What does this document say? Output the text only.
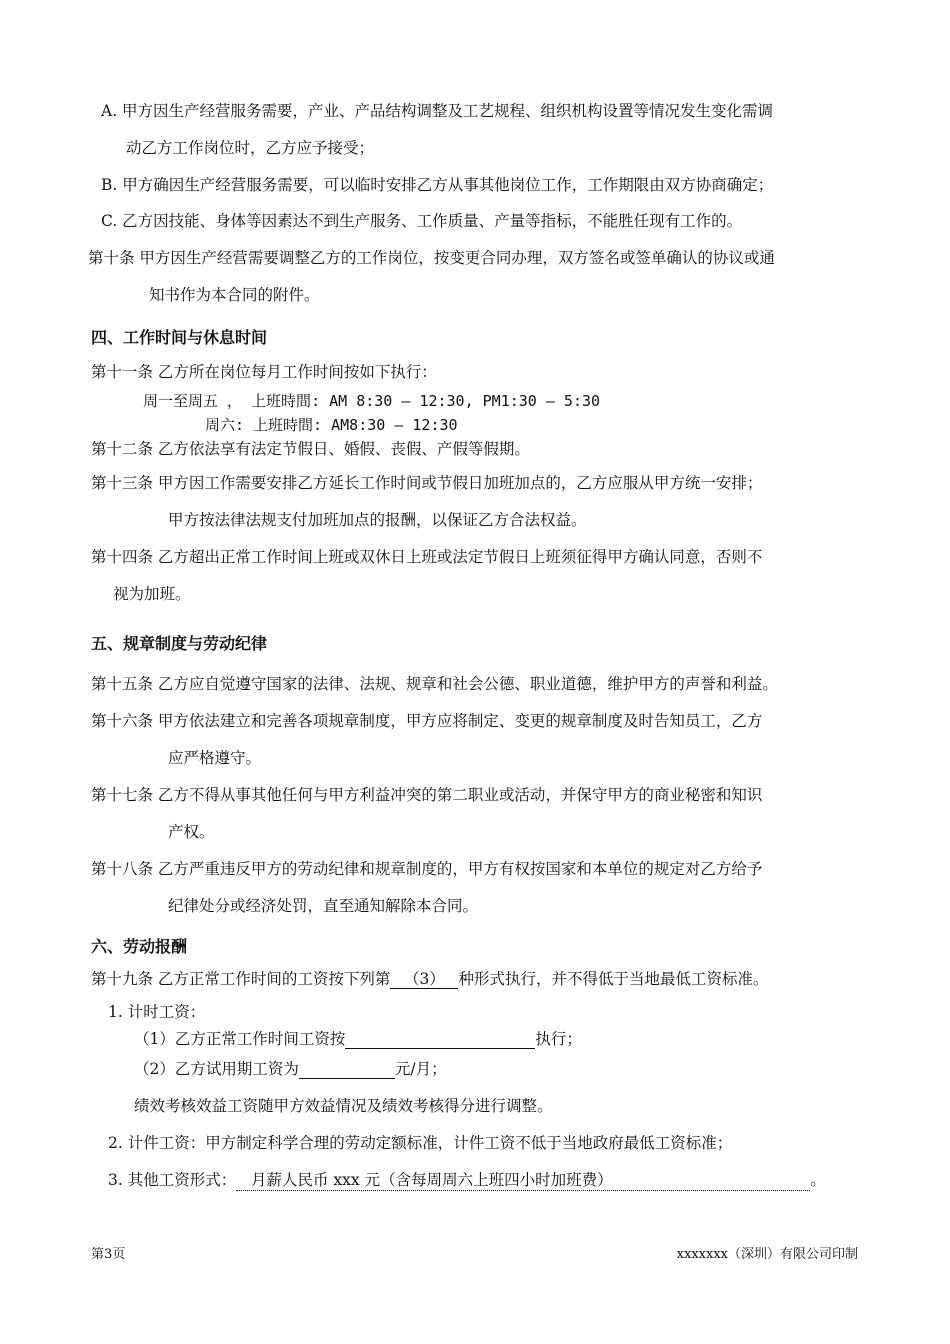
A. 甲方因生产经营服务需要，产业、产品结构调整及工艺规程、组织机构设置等情况发生变化需调
动乙方工作岗位时，乙方应予接受；
B. 甲方确因生产经营服务需要，可以临时安排乙方从事其他岗位工作，工作期限由双方协商确定；
C. 乙方因技能、身体等因素达不到生产服务、工作质量、产量等指标，不能胜任现有工作的。
第十条 甲方因生产经营需要调整乙方的工作岗位，按变更合同办理，双方签名或签单确认的协议或通
知书作为本合同的附件。
四、工作时间与休息时间
第十一条 乙方所在岗位每月工作时间按如下执行：
周一至周五 ， 上班時間: AM 8:30 – 12:30, PM1:30 – 5:30
周六: 上班時間: AM8:30 – 12:30
第十二条 乙方依法享有法定节假日、婚假、丧假、产假等假期。
第十三条 甲方因工作需要安排乙方延长工作时间或节假日加班加点的，乙方应服从甲方统一安排；
甲方按法律法规支付加班加点的报酬，以保证乙方合法权益。
第十四条 乙方超出正常工作时间上班或双休日上班或法定节假日上班须征得甲方确认同意，否则不
视为加班。
五、规章制度与劳动纪律
第十五条 乙方应自觉遵守国家的法律、法规、规章和社会公德、职业道德，维护甲方的声誉和利益。
第十六条 甲方依法建立和完善各项规章制度，甲方应将制定、变更的规章制度及时告知员工，乙方
应严格遵守。
第十七条 乙方不得从事其他任何与甲方利益冲突的第二职业或活动，并保守甲方的商业秘密和知识
产权。
第十八条 乙方严重违反甲方的劳动纪律和规章制度的，甲方有权按国家和本单位的规定对乙方给予
纪律处分或经济处罚，直至通知解除本合同。
六、劳动报酬
第十九条 乙方正常工作时间的工资按下列第 （3） 种形式执行，并不得低于当地最低工资标准。
1. 计时工资：
（1）乙方正常工作时间工资按	执行；
（2）乙方试用期工资为	元/月；
绩效考核效益工资随甲方效益情况及绩效考核得分进行调整。
2. 计件工资：甲方制定科学合理的劳动定额标准，计件工资不低于当地政府最低工资标准；
3. 其他工资形式： 月薪人民币 xxx 元（含每周周六上班四小时加班费）	。
第3页	xxxxxxx（深圳）有限公司印制
